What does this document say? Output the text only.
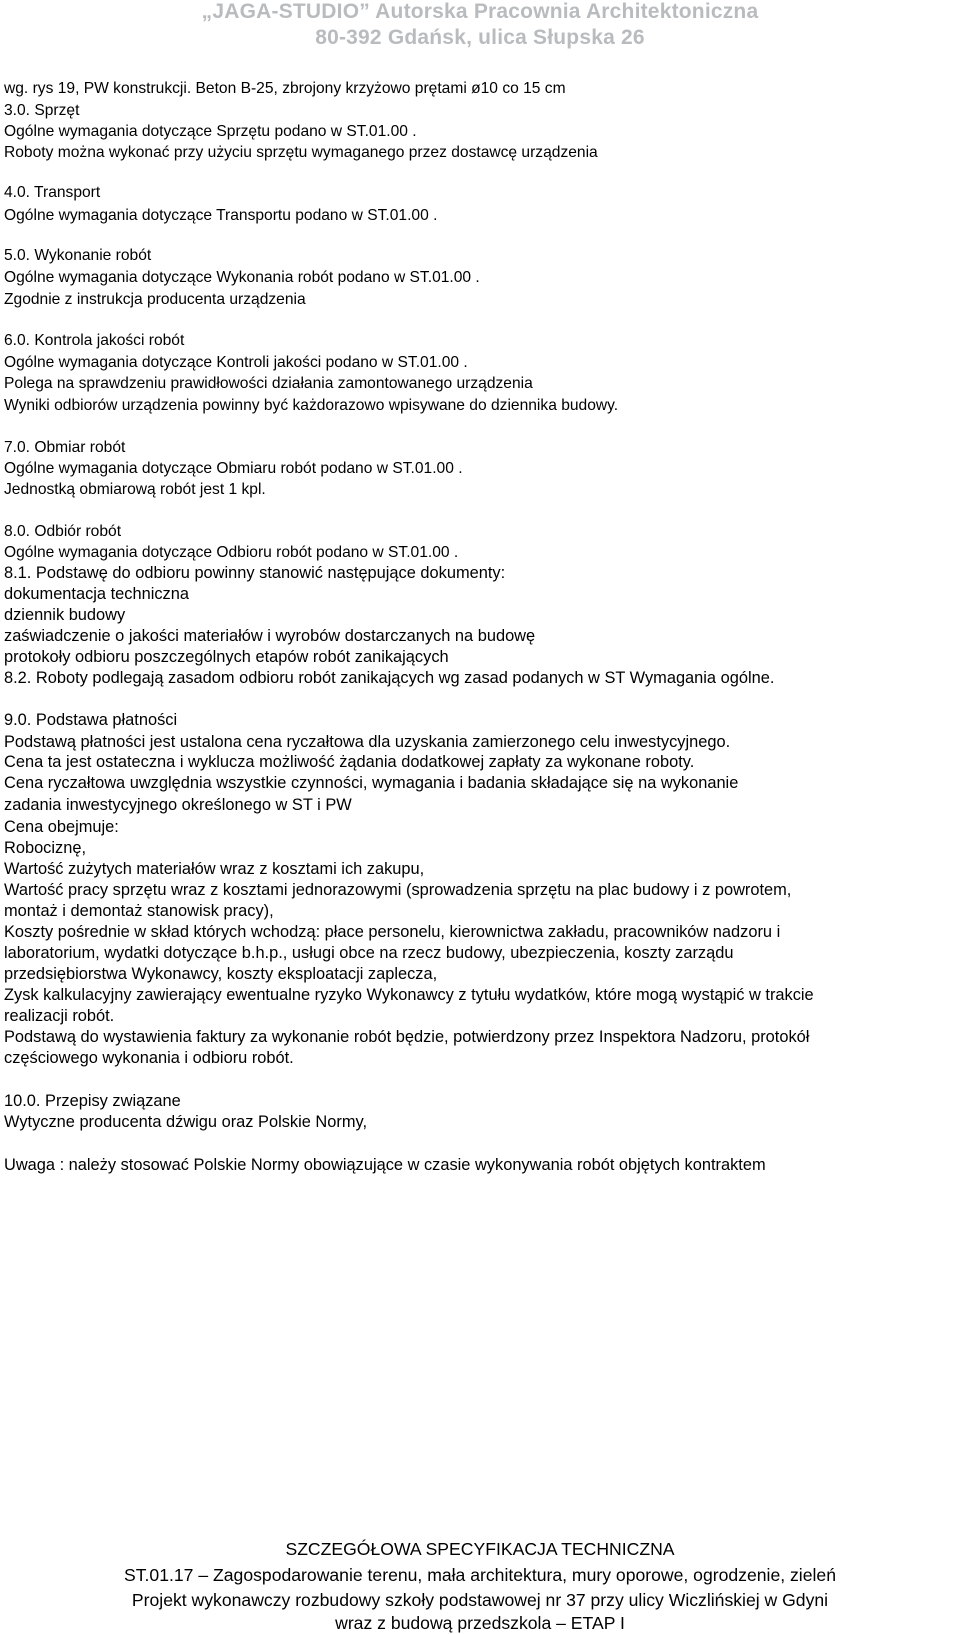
„JAGA-STUDIO” Autorska Pracownia Architektoniczna
80-392 Gdańsk, ulica Słupska 26
wg. rys 19, PW konstrukcji. Beton B-25, zbrojony krzyżowo prętami ø10 co 15 cm
3.0. Sprzęt
Ogólne wymagania dotyczące Sprzętu podano w ST.01.00 .
Roboty można wykonać przy użyciu sprzętu wymaganego przez dostawcę urządzenia
4.0. Transport
Ogólne wymagania dotyczące Transportu podano w ST.01.00 .
5.0. Wykonanie robót
Ogólne wymagania dotyczące Wykonania robót podano w ST.01.00 .
Zgodnie z instrukcja producenta urządzenia
6.0. Kontrola jakości robót
Ogólne wymagania dotyczące Kontroli jakości podano w ST.01.00 .
Polega na sprawdzeniu prawidłowości działania zamontowanego urządzenia
Wyniki odbiorów urządzenia powinny być każdorazowo wpisywane do dziennika budowy.
7.0. Obmiar robót
Ogólne wymagania dotyczące Obmiaru robót podano w ST.01.00 .
Jednostką obmiarową robót jest 1 kpl.
8.0. Odbiór robót
Ogólne wymagania dotyczące Odbioru robót podano w ST.01.00 .
8.1. Podstawę do odbioru powinny stanowić następujące dokumenty:
dokumentacja techniczna
dziennik budowy
zaświadczenie o jakości materiałów i wyrobów dostarczanych na budowę
protokoły odbioru poszczególnych etapów robót zanikających
8.2. Roboty podlegają zasadom odbioru robót zanikających wg zasad podanych w ST Wymagania ogólne.
9.0. Podstawa płatności
Podstawą płatności jest ustalona cena ryczałtowa dla uzyskania zamierzonego celu inwestycyjnego.
Cena ta jest ostateczna i wyklucza możliwość żądania dodatkowej zapłaty za wykonane roboty.
Cena ryczałtowa uwzględnia wszystkie czynności, wymagania i badania składające się na wykonanie
zadania inwestycyjnego określonego w ST i PW
Cena obejmuje:
Robociznę,
Wartość zużytych materiałów wraz z kosztami ich zakupu,
Wartość pracy sprzętu wraz z kosztami jednorazowymi (sprowadzenia sprzętu na plac budowy i z powrotem,
montaż i demontaż stanowisk pracy),
Koszty pośrednie w skład których wchodzą: płace personelu, kierownictwa zakładu, pracowników nadzoru i
laboratorium, wydatki dotyczące b.h.p., usługi obce na rzecz budowy, ubezpieczenia, koszty zarządu
przedsiębiorstwa Wykonawcy, koszty eksploatacji zaplecza,
Zysk kalkulacyjny zawierający ewentualne ryzyko Wykonawcy z tytułu wydatków, które mogą wystąpić w trakcie
realizacji robót.
Podstawą do wystawienia faktury za wykonanie robót będzie, potwierdzony przez Inspektora Nadzoru, protokół
częściowego wykonania i odbioru robót.
10.0. Przepisy związane
Wytyczne producenta dźwigu oraz Polskie Normy,
Uwaga : należy stosować Polskie Normy obowiązujące w czasie wykonywania robót objętych kontraktem
SZCZEGÓŁOWA SPECYFIKACJA TECHNICZNA
ST.01.17 – Zagospodarowanie terenu, mała architektura, mury oporowe, ogrodzenie, zieleń
Projekt wykonawczy rozbudowy szkoły podstawowej nr 37 przy ulicy Wiczlińskiej w Gdyni
wraz z budową przedszkola – ETAP I
